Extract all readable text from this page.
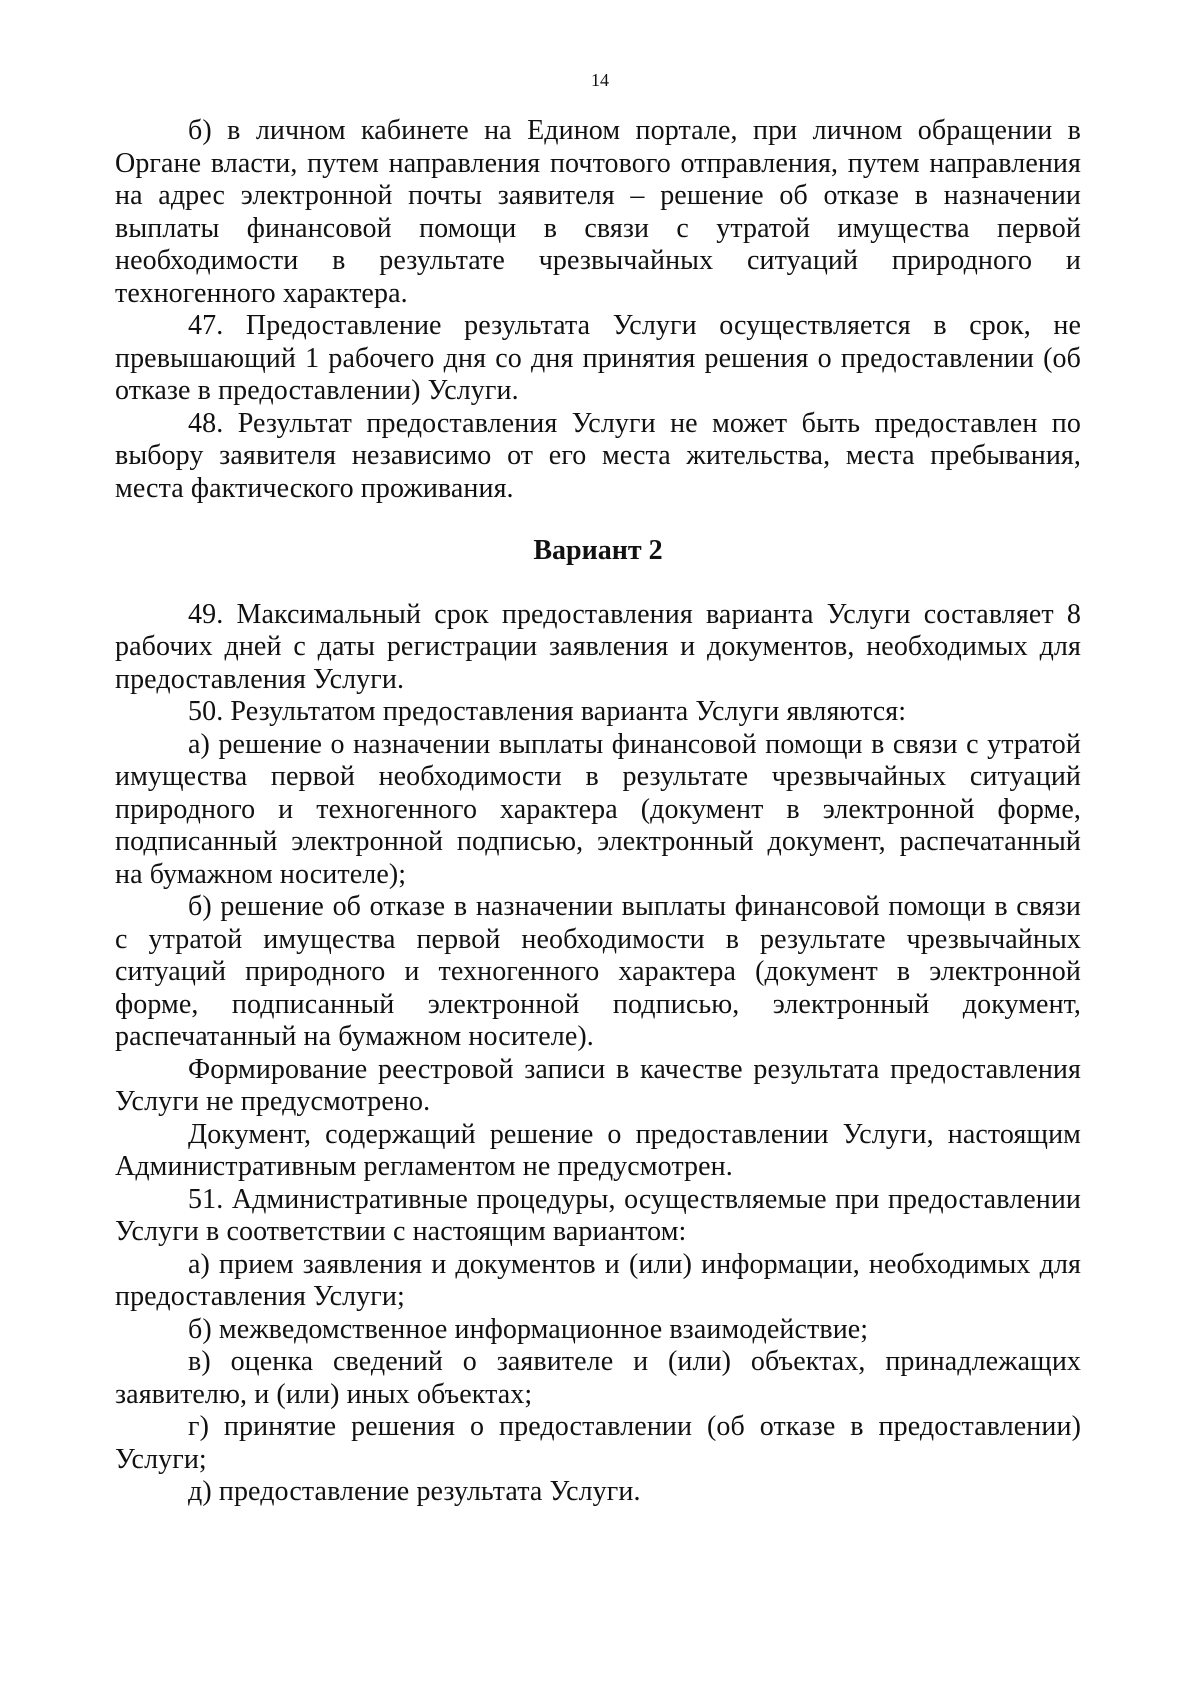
14

б) в личном кабинете на Едином портале, при личном обращении в Органе власти, путем направления почтового отправления, путем направления на адрес электронной почты заявителя – решение об отказе в назначении выплаты финансовой помощи в связи с утратой имущества первой необходимости в результате чрезвычайных ситуаций природного и техногенного характера.

47. Предоставление результата Услуги осуществляется в срок, не превышающий 1 рабочего дня со дня принятия решения о предоставлении (об отказе в предоставлении) Услуги.

48. Результат предоставления Услуги не может быть предоставлен по выбору заявителя независимо от его места жительства, места пребывания, места фактического проживания.

Вариант 2

49. Максимальный срок предоставления варианта Услуги составляет 8 рабочих дней с даты регистрации заявления и документов, необходимых для предоставления Услуги.

50. Результатом предоставления варианта Услуги являются:

а) решение о назначении выплаты финансовой помощи в связи с утратой имущества первой необходимости в результате чрезвычайных ситуаций природного и техногенного характера (документ в электронной форме, подписанный электронной подписью, электронный документ, распечатанный на бумажном носителе);

б) решение об отказе в назначении выплаты финансовой помощи в связи с утратой имущества первой необходимости в результате чрезвычайных ситуаций природного и техногенного характера (документ в электронной форме, подписанный электронной подписью, электронный документ, распечатанный на бумажном носителе).

Формирование реестровой записи в качестве результата предоставления Услуги не предусмотрено.

Документ, содержащий решение о предоставлении Услуги, настоящим Административным регламентом не предусмотрен.

51. Административные процедуры, осуществляемые при предоставлении Услуги в соответствии с настоящим вариантом:

а) прием заявления и документов и (или) информации, необходимых для предоставления Услуги;

б) межведомственное информационное взаимодействие;

в) оценка сведений о заявителе и (или) объектах, принадлежащих заявителю, и (или) иных объектах;

г) принятие решения о предоставлении (об отказе в предоставлении) Услуги;

д) предоставление результата Услуги.
